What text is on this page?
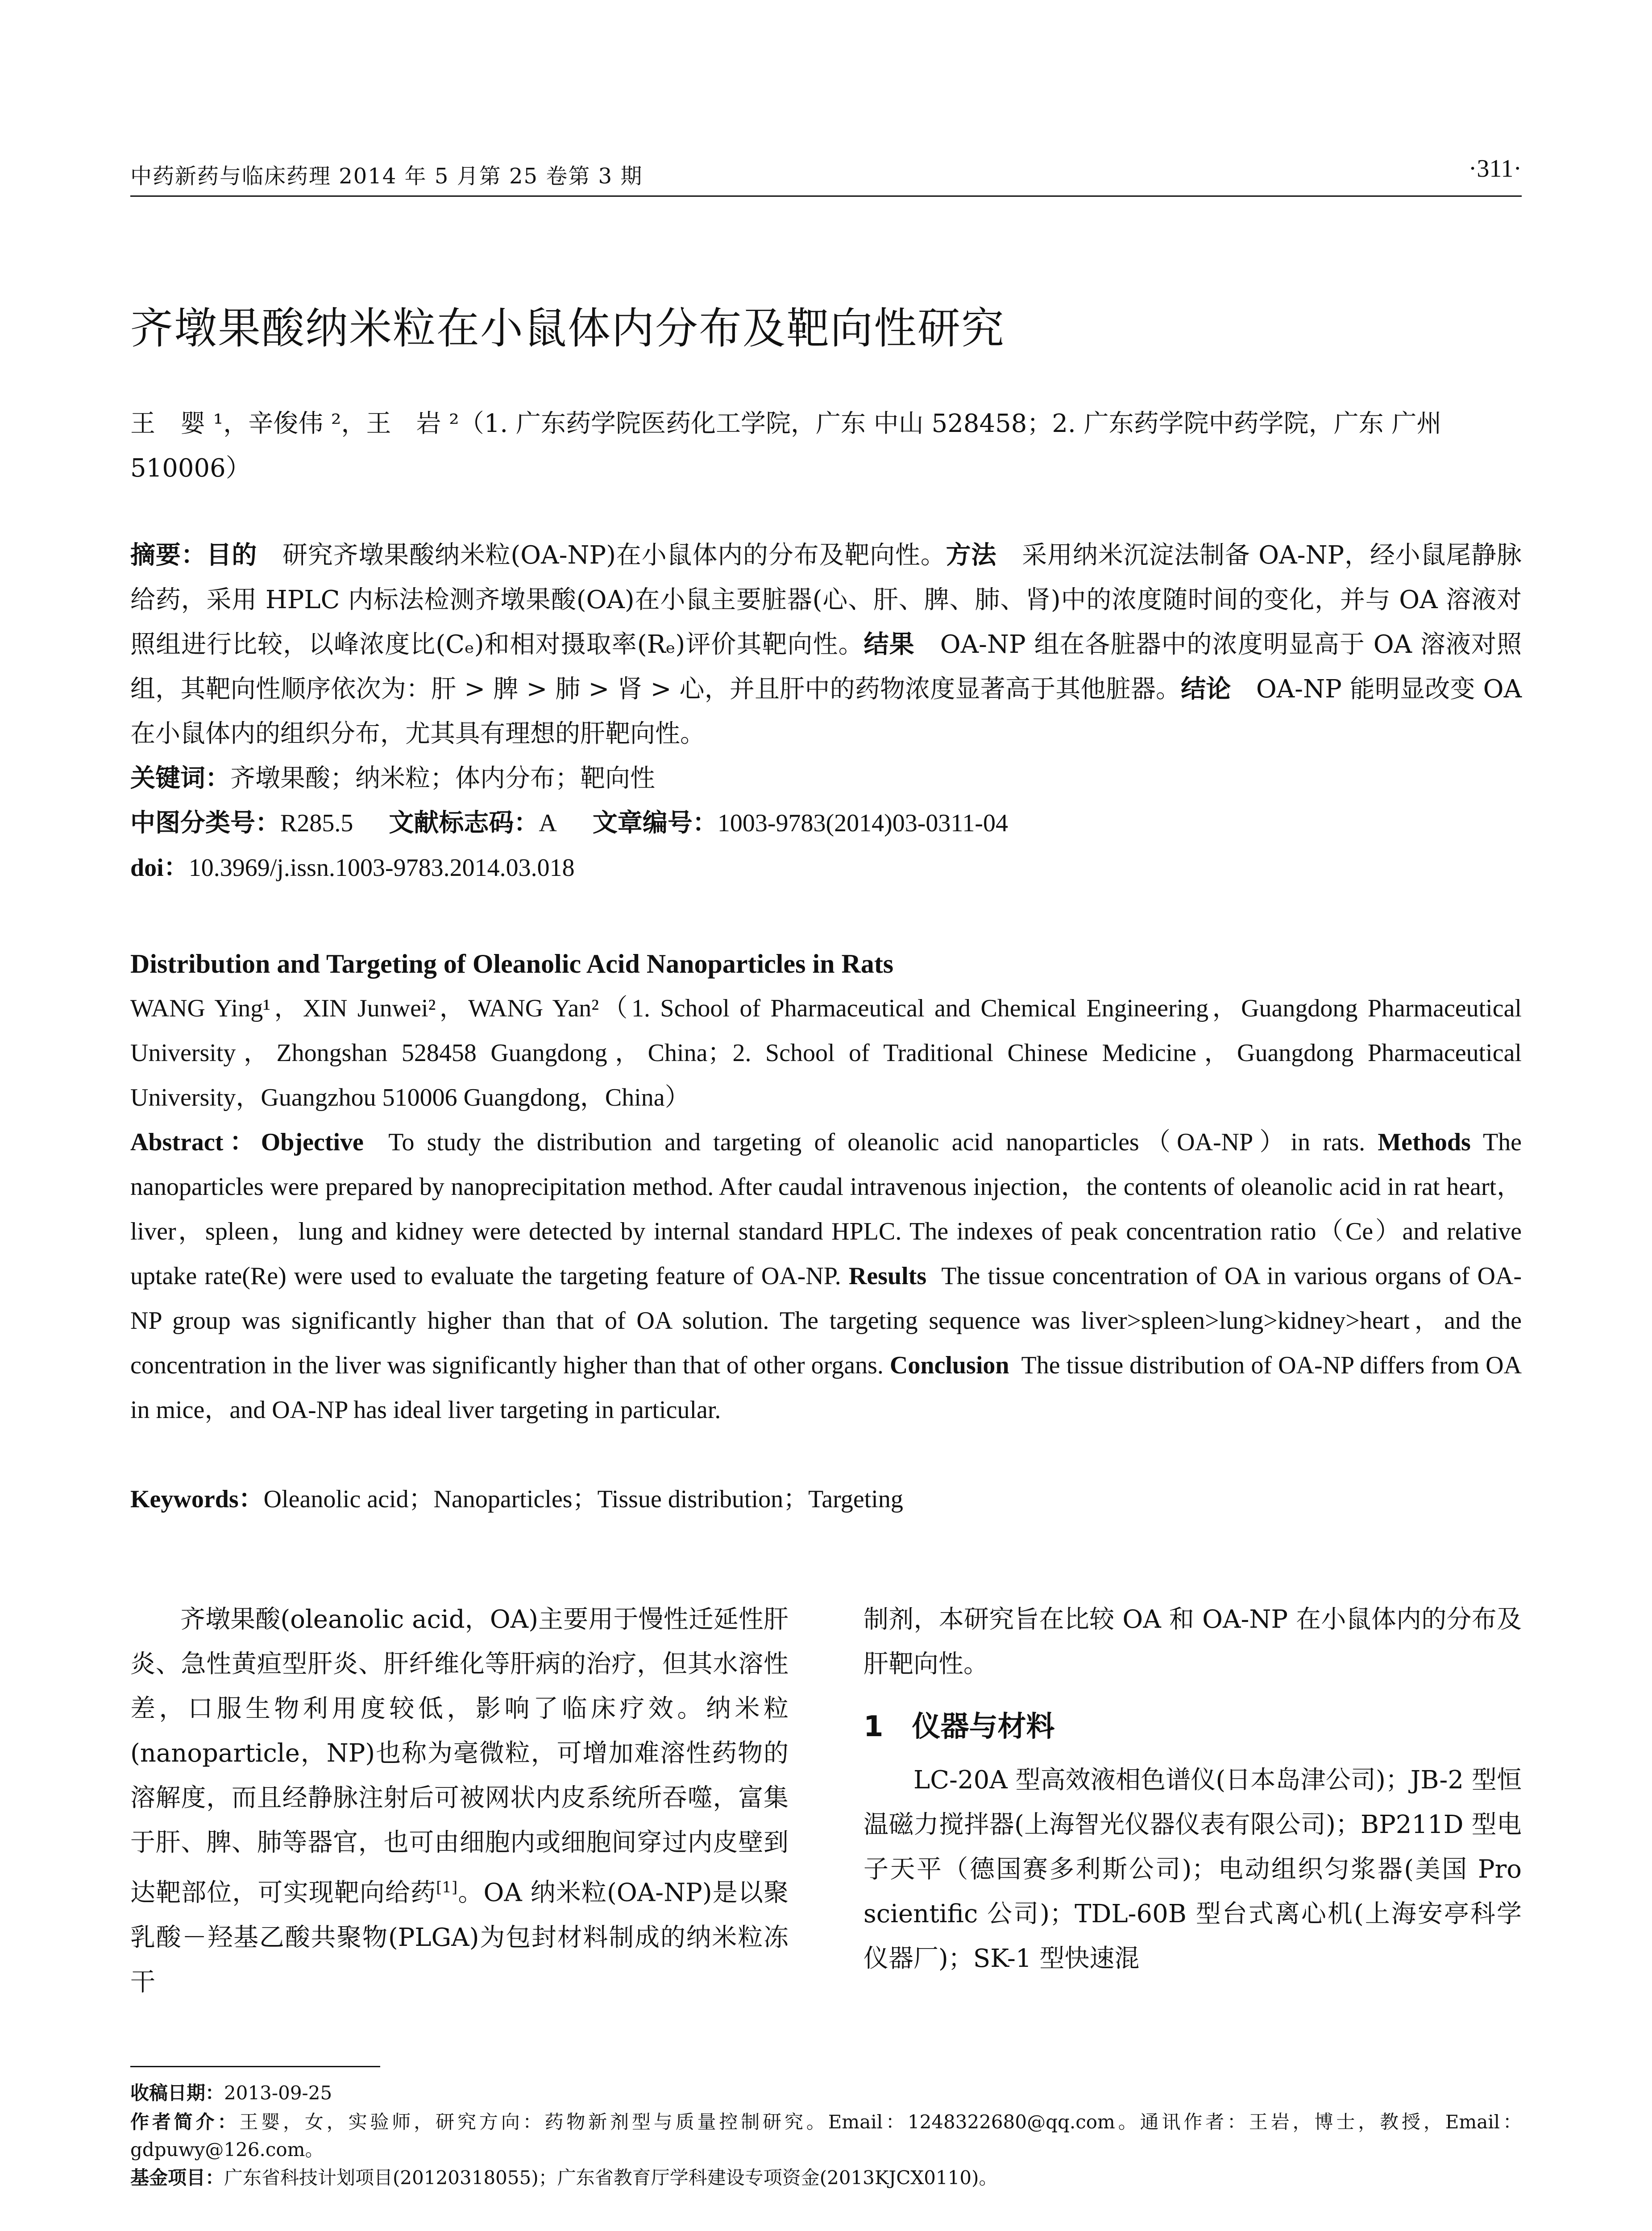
中药新药与临床药理 2014 年 5 月第 25 卷第 3 期	·311·
齐墩果酸纳米粒在小鼠体内分布及靶向性研究
王　婴 ¹，辛俊伟 ²，王　岩 ²（1. 广东药学院医药化工学院，广东 中山 528458；2. 广东药学院中药学院，广东 广州 510006）
摘要：目的　 研究齐墩果酸纳米粒(OA-NP)在小鼠体内的分布及靶向性。方法　 采用纳米沉淀法制备 OA-NP，经小鼠尾静脉给药，采用 HPLC 内标法检测齐墩果酸(OA)在小鼠主要脏器(心、肝、脾、肺、肾)中的浓度随时间的变化，并与 OA 溶液对照组进行比较，以峰浓度比(Cₑ)和相对摄取率(Rₑ)评价其靶向性。结果　 OA-NP 组在各脏器中的浓度明显高于 OA 溶液对照组，其靶向性顺序依次为：肝 > 脾 > 肺 > 肾 > 心，并且肝中的药物浓度显著高于其他脏器。结论　 OA-NP 能明显改变 OA 在小鼠体内的组织分布，尤其具有理想的肝靶向性。
关键词：齐墩果酸；纳米粒；体内分布；靶向性
中图分类号：R285.5 文献标志码：A 文章编号：1003-9783(2014)03-0311-04
doi：10.3969/j.issn.1003-9783.2014.03.018
Distribution and Targeting of Oleanolic Acid Nanoparticles in Rats
WANG Ying¹，XIN Junwei²，WANG Yan²（1. School of Pharmaceutical and Chemical Engineering，Guangdong Pharmaceutical University，Zhongshan 528458 Guangdong，China；2. School of Traditional Chinese Medicine，Guangdong Pharmaceutical University，Guangzhou 510006 Guangdong，China）
Abstract：Objective To study the distribution and targeting of oleanolic acid nanoparticles（OA-NP）in rats. Methods The nanoparticles were prepared by nanoprecipitation method. After caudal intravenous injection，the contents of oleanolic acid in rat heart，liver，spleen，lung and kidney were detected by internal standard HPLC. The indexes of peak concentration ratio（Ce）and relative uptake rate(Re) were used to evaluate the targeting feature of OA-NP. Results The tissue concentration of OA in various organs of OA-NP group was significantly higher than that of OA solution. The targeting sequence was liver>spleen>lung>kidney>heart，and the concentration in the liver was significantly higher than that of other organs. Conclusion The tissue distribution of OA-NP differs from OA in mice，and OA-NP has ideal liver targeting in particular.
Keywords：Oleanolic acid；Nanoparticles；Tissue distribution；Targeting

齐墩果酸(oleanolic acid，OA)主要用于慢性迁延性肝炎、急性黄疸型肝炎、肝纤维化等肝病的治疗，但其水溶性差，口服生物利用度较低，影响了临床疗效。纳米粒(nanoparticle，NP)也称为毫微粒，可增加难溶性药物的溶解度，而且经静脉注射后可被网状内皮系统所吞噬，富集于肝、脾、肺等器官，也可由细胞内或细胞间穿过内皮壁到达靶部位，可实现靶向给药[1]。OA 纳米粒(OA-NP)是以聚乳酸－羟基乙酸共聚物(PLGA)为包封材料制成的纳米粒冻干

制剂，本研究旨在比较 OA 和 OA-NP 在小鼠体内的分布及肝靶向性。

1　仪器与材料

LC-20A 型高效液相色谱仪(日本岛津公司)；JB-2 型恒温磁力搅拌器(上海智光仪器仪表有限公司)；BP211D 型电子天平（德国赛多利斯公司)；电动组织匀浆器(美国 Pro scientific 公司)；TDL-60B 型台式离心机(上海安亭科学仪器厂)；SK-1 型快速混

收稿日期：2013-09-25
作者简介：王婴，女，实验师，研究方向：药物新剂型与质量控制研究。Email：1248322680@qq.com。通讯作者：王岩，博士，教授，Email：gdpuwy@126.com。
基金项目：广东省科技计划项目(20120318055)；广东省教育厅学科建设专项资金(2013KJCX0110)。
